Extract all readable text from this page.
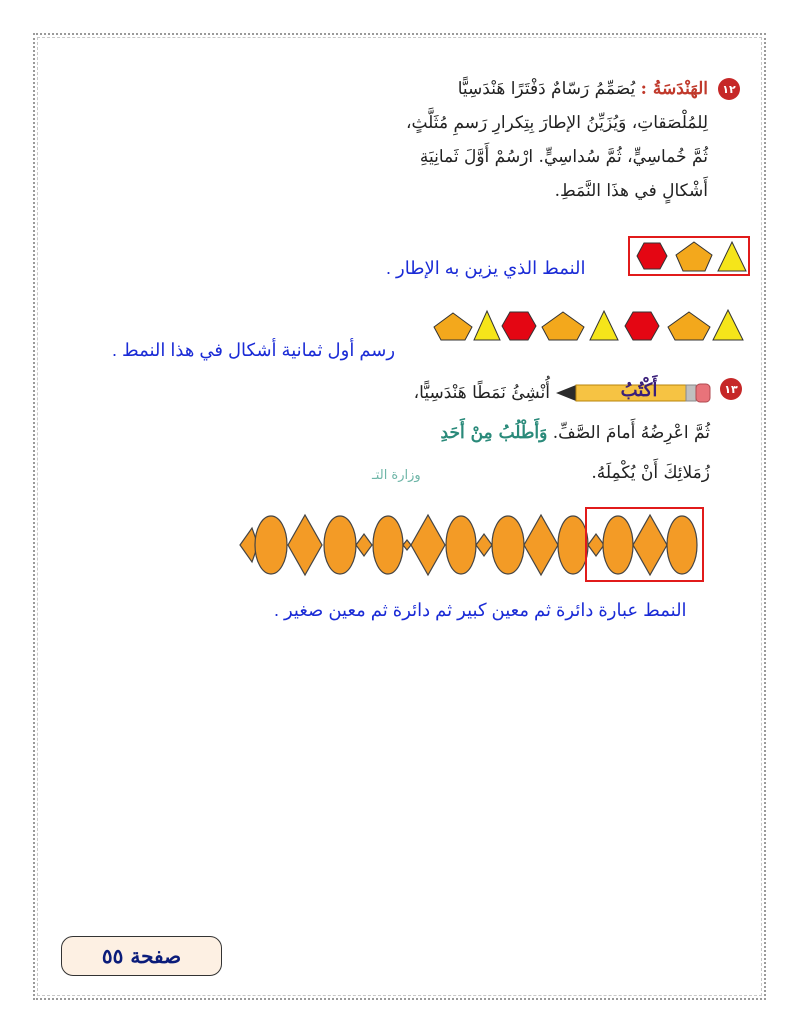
١٢
الهَنْدَسَةُ : يُصَمِّمُ رَسّامٌ دَفْتَرًا هَنْدَسِيًّا
لِلمُلْصَقاتِ، وَيُزَيِّنُ الإطارَ بِتِكرارِ رَسمِ مُثَلَّثٍ،
ثُمَّ خُماسِيٍّ، ثُمَّ سُداسِيٍّ. ارْسُمْ أَوَّلَ ثَمانِيَةِ
أَشْكالٍ في هذَا النَّمَطِ.
النمط الذي يزين به الإطار .
رسم أول ثمانية أشكال في هذا النمط .
١٣
أَكْتُبُ
أُنْشِئُ نَمَطًا هَنْدَسِيًّا،
ثُمَّ اعْرِضُهُ أَمامَ الصَّفِّ. وَأَطْلُبُ مِنْ أَحَدِ
زُمَلائِكَ أَنْ يُكْمِلَهُ.
وزارة التـ
النمط عبارة دائرة ثم معين كبير ثم دائرة ثم معين صغير .
صفحة ٥٥
